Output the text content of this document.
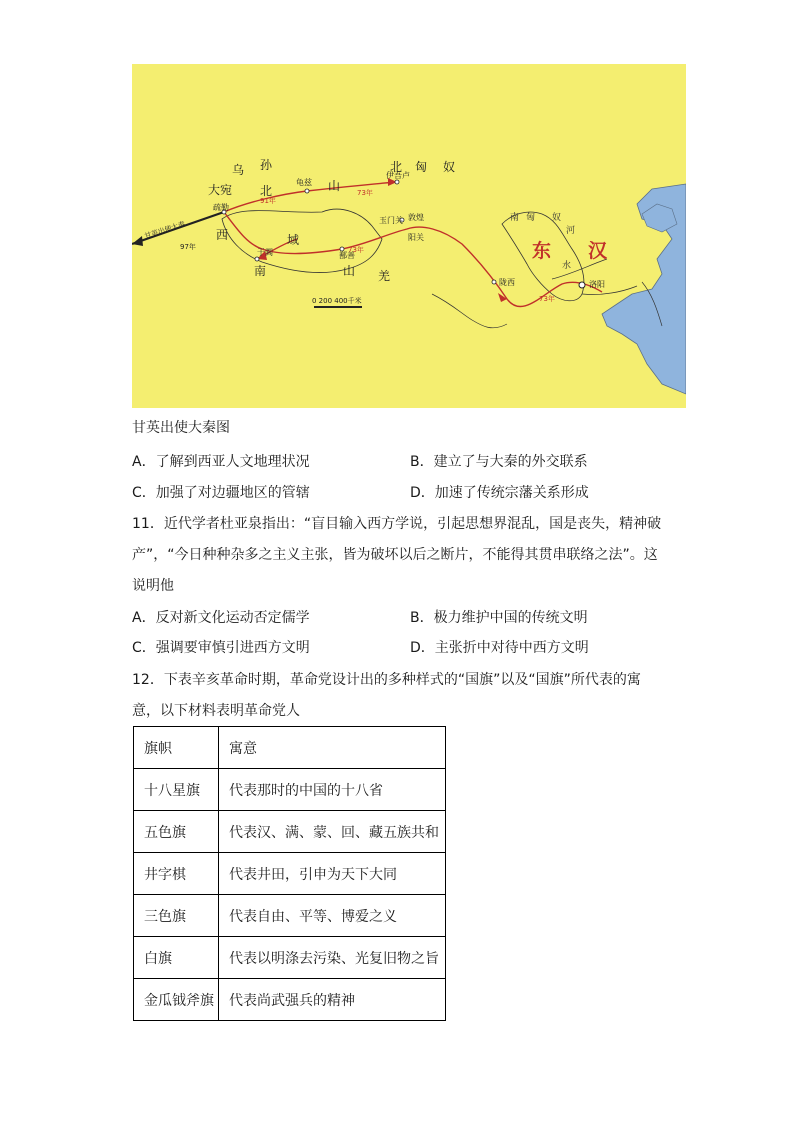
乌 孙
山
北 匈 奴
大宛 北
西	域
南	山 羌
南 匈 奴
东 汉
河
水
龟兹
伊吾卢
疏勒
玉门关 敦煌
阳关
于阗	鄯善
陇西	洛阳
甘英出使大秦
97年
91年
73年
73年
73年
0 200 400千米
甘英出使大秦图
A．了解到西亚人文地理状况	B．建立了与大秦的外交联系
C．加强了对边疆地区的管辖	D．加速了传统宗藩关系形成
11．近代学者杜亚泉指出：“盲目输入西方学说，引起思想界混乱，国是丧失，精神破
产”，“今日种种杂多之主义主张，皆为破坏以后之断片，不能得其贯串联络之法”。这
说明他
A．反对新文化运动否定儒学	B．极力维护中国的传统文明
C．强调要审慎引进西方文明	D．主张折中对待中西方文明
12．下表辛亥革命时期，革命党设计出的多种样式的“国旗”以及“国旗”所代表的寓
意，以下材料表明革命党人
旗帜	寓意
十八星旗	代表那时的中国的十八省
五色旗	代表汉、满、蒙、回、藏五族共和
井字棋	代表井田，引申为天下大同
三色旗	代表自由、平等、博爱之义
白旗	代表以明涤去污染、光复旧物之旨
金瓜钺斧旗	代表尚武强兵的精神
